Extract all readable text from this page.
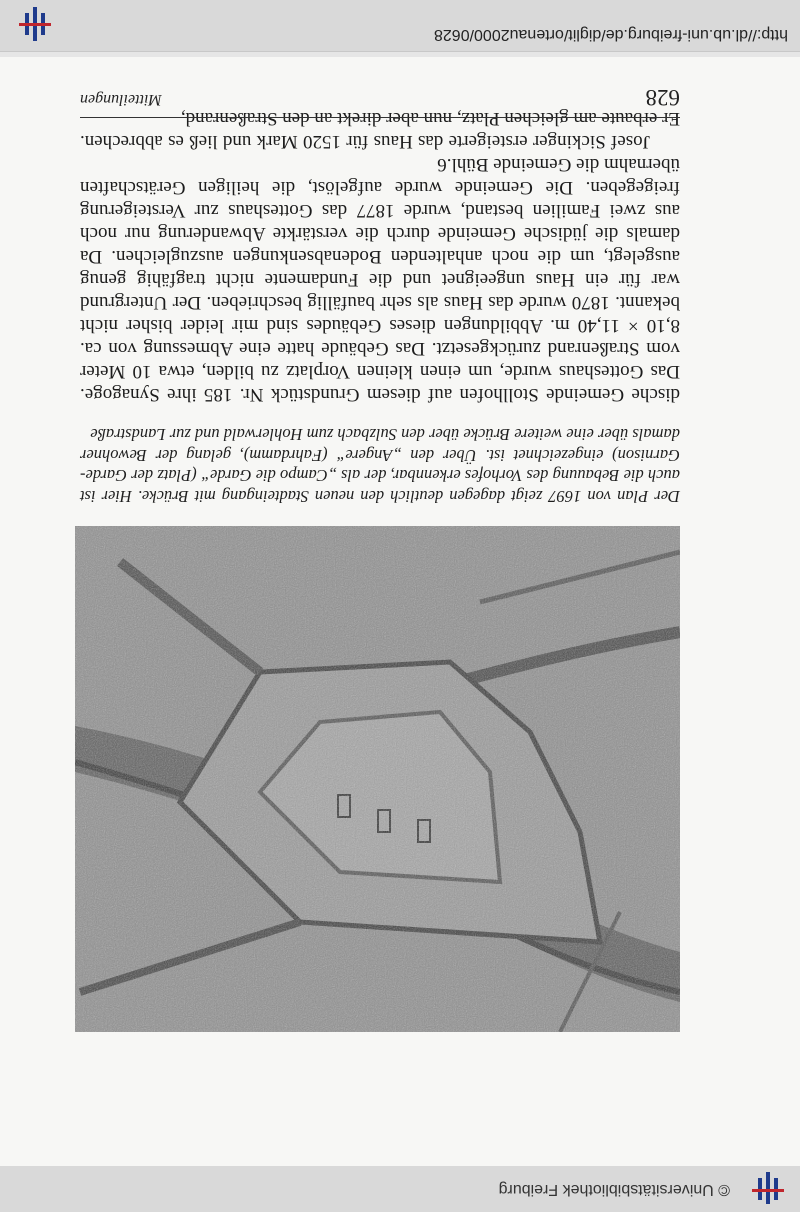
© Universitätsbibliothek Freiburg

Der Plan von 1697 zeigt dagegen deutlich den neuen Stadteingang mit Brücke. Hier ist auch die Bebauung des Vorhofes erkennbar, der als „Campo die Garde“ (Platz der Garde-Garnison) eingezeichnet ist. Über den „Angere“ (Fahrdamm), gelang der Bewohner damals über eine weitere Brücke über den Sulzbach zum Hohlerwald und zur Landstraße

dische Gemeinde Stollhofen auf diesem Grundstück Nr. 185 ihre Synagoge. Das Gotteshaus wurde, um einen kleinen Vorplatz zu bilden, etwa 10 Meter vom Straßenrand zurückgesetzt. Das Gebäude hatte eine Abmessung von ca. 8,10 × 11,40 m. Abbildungen dieses Gebäudes sind mir leider bisher nicht bekannt. 1870 wurde das Haus als sehr baufällig beschrieben. Der Untergrund war für ein Haus ungeeignet und die Fundamente nicht tragfähig genug ausgelegt, um die noch anhaltenden Bodenabsenkungen auszugleichen. Da damals die jüdische Gemeinde durch die verstärkte Abwanderung nur noch aus zwei Familien bestand, wurde 1877 das Gotteshaus zur Versteigerung freigegeben. Die Gemeinde wurde aufgelöst, die heiligen Gerätschaften übernahm die Gemeinde Bühl.6

Josef Sickinger ersteigerte das Haus für 1520 Mark und ließ es abbrechen. Er erbaute am gleichen Platz, nun aber direkt an den Straßenrand,

628
Mitteilungen
http://dl.ub.uni-freiburg.de/diglit/ortenau2000/0628
